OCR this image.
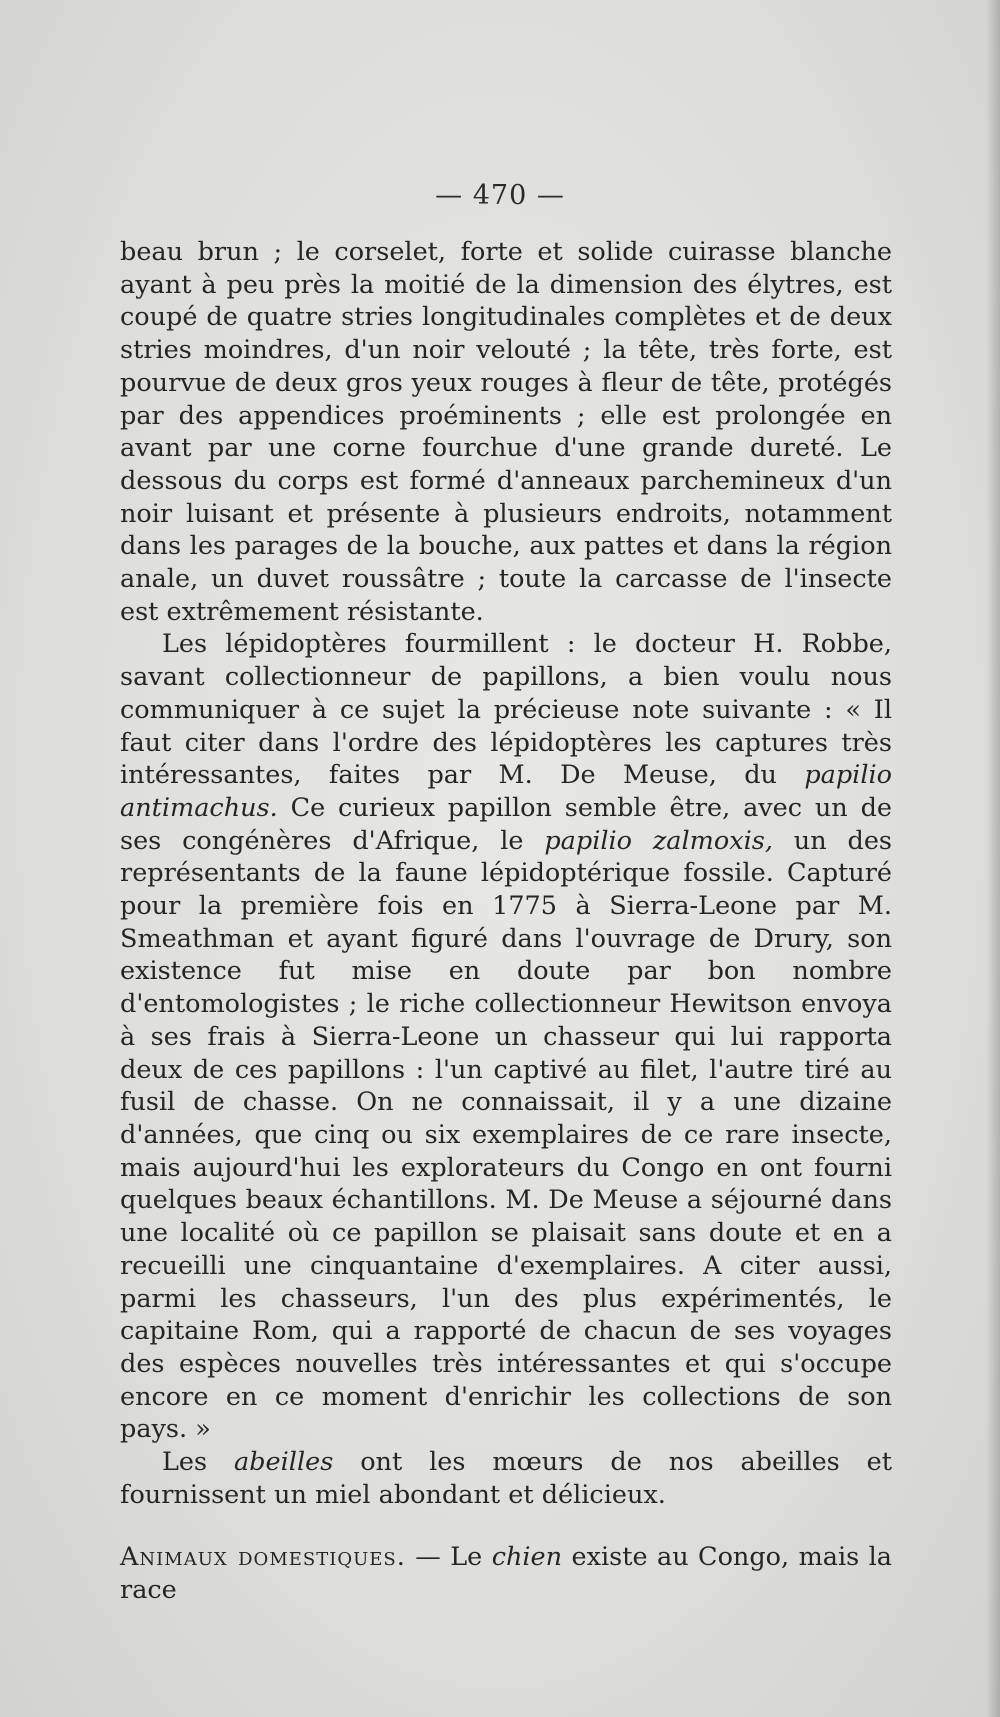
— 470 —

beau brun ; le corselet, forte et solide cuirasse blanche ayant à peu près la moitié de la dimension des élytres, est coupé de quatre stries longitudinales complètes et de deux stries moindres, d'un noir velouté ; la tête, très forte, est pourvue de deux gros yeux rouges à fleur de tête, protégés par des appendices proéminents ; elle est prolongée en avant par une corne fourchue d'une grande dureté. Le dessous du corps est formé d'anneaux parchemineux d'un noir luisant et présente à plusieurs endroits, notamment dans les parages de la bouche, aux pattes et dans la région anale, un duvet roussâtre ; toute la carcasse de l'insecte est extrêmement résistante.

Les lépidoptères fourmillent : le docteur H. Robbe, savant collectionneur de papillons, a bien voulu nous communiquer à ce sujet la précieuse note suivante : « Il faut citer dans l'ordre des lépidoptères les captures très intéressantes, faites par M. De Meuse, du papilio antimachus. Ce curieux papillon semble être, avec un de ses congénères d'Afrique, le papilio zalmoxis, un des représentants de la faune lépidoptérique fossile. Capturé pour la première fois en 1775 à Sierra-Leone par M. Smeathman et ayant figuré dans l'ouvrage de Drury, son existence fut mise en doute par bon nombre d'entomologistes ; le riche collectionneur Hewitson envoya à ses frais à Sierra-Leone un chasseur qui lui rapporta deux de ces papillons : l'un captivé au filet, l'autre tiré au fusil de chasse. On ne connaissait, il y a une dizaine d'années, que cinq ou six exemplaires de ce rare insecte, mais aujourd'hui les explorateurs du Congo en ont fourni quelques beaux échantillons. M. De Meuse a séjourné dans une localité où ce papillon se plaisait sans doute et en a recueilli une cinquantaine d'exemplaires. A citer aussi, parmi les chasseurs, l'un des plus expérimentés, le capitaine Rom, qui a rapporté de chacun de ses voyages des espèces nouvelles très intéressantes et qui s'occupe encore en ce moment d'enrichir les collections de son pays. »

Les abeilles ont les mœurs de nos abeilles et fournissent un miel abondant et délicieux.

Animaux domestiques. — Le chien existe au Congo, mais la race
